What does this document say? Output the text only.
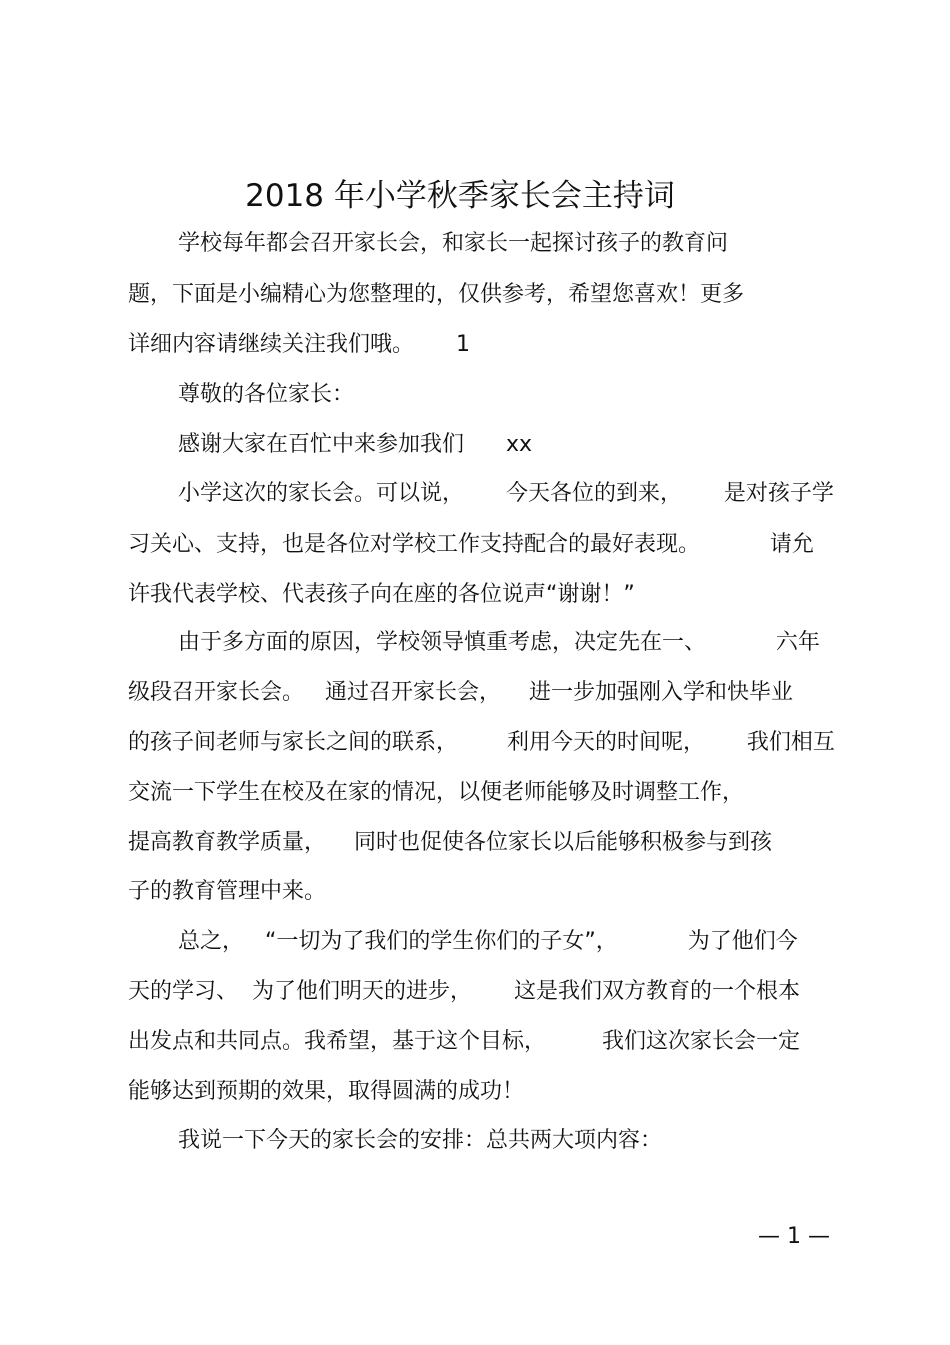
2018 年小学秋季家长会主持词
学校每年都会召开家长会，和家长一起探讨孩子的教育问
题，下面是小编精心为您整理的，仅供参考，希望您喜欢！更多
详细内容请继续关注我们哦。      1
尊敬的各位家长：
感谢大家在百忙中来参加我们      xx
小学这次的家长会。可以说，      今天各位的到来，      是对孩子学
习关心、支持，也是各位对学校工作支持配合的最好表现。          请允
许我代表学校、代表孩子向在座的各位说声“谢谢！”
由于多方面的原因，学校领导慎重考虑，决定先在一、          六年
级段召开家长会。   通过召开家长会，    进一步加强刚入学和快毕业
的孩子间老师与家长之间的联系，       利用今天的时间呢，      我们相互
交流一下学生在校及在家的情况，以便老师能够及时调整工作，
提高教育教学质量，    同时也促使各位家长以后能够积极参与到孩
子的教育管理中来。
总之，   “一切为了我们的学生你们的子女”，          为了他们今
天的学习、  为了他们明天的进步，      这是我们双方教育的一个根本
出发点和共同点。我希望，基于这个目标，        我们这次家长会一定
能够达到预期的效果，取得圆满的成功！
我说一下今天的家长会的安排：总共两大项内容：
— 1 —
